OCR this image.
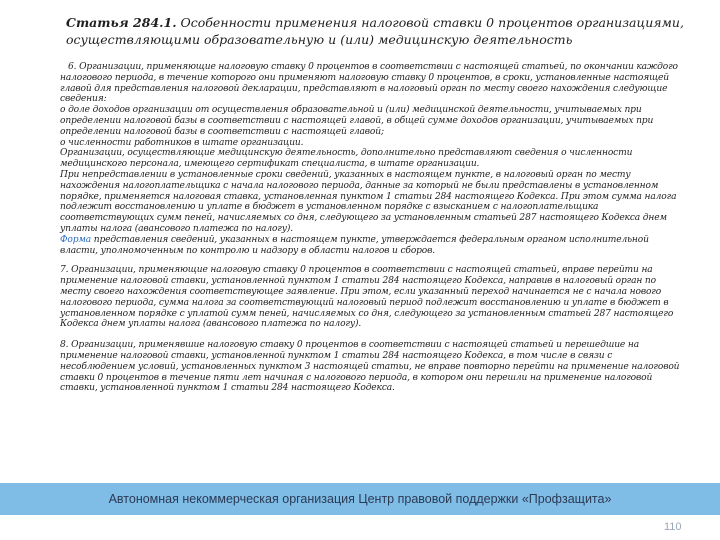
Статья 284.1. Особенности применения налоговой ставки 0 процентов организациями,
осуществляющими образовательную и (или) медицинскую деятельность

6. Организации, применяющие налоговую ставку 0 процентов в соответствии с настоящей статьей, по окончании каждого налогового периода, в течение которого они применяют налоговую ставку 0 процентов, в сроки, установленные настоящей главой для представления налоговой декларации, представляют в налоговый орган по месту своего нахождения следующие сведения:

о доле доходов организации от осуществления образовательной и (или) медицинской деятельности, учитываемых при определении налоговой базы в соответствии с настоящей главой, в общей сумме доходов организации, учитываемых при определении налоговой базы в соответствии с настоящей главой;

о численности работников в штате организации.

Организации, осуществляющие медицинскую деятельность, дополнительно представляют сведения о численности медицинского персонала, имеющего сертификат специалиста, в штате организации.

При непредставлении в установленные сроки сведений, указанных в настоящем пункте, в налоговый орган по месту нахождения налогоплательщика с начала налогового периода, данные за который не были представлены в установленном порядке, применяется налоговая ставка, установленная пунктом 1 статьи 284 настоящего Кодекса. При этом сумма налога подлежит восстановлению и уплате в бюджет в установленном порядке с взысканием с налогоплательщика соответствующих сумм пеней, начисляемых со дня, следующего за установленным статьей 287 настоящего Кодекса днем уплаты налога (авансового платежа по налогу).

Форма представления сведений, указанных в настоящем пункте, утверждается федеральным органом исполнительной власти, уполномоченным по контролю и надзору в области налогов и сборов.

7. Организации, применяющие налоговую ставку 0 процентов в соответствии с настоящей статьей, вправе перейти на применение налоговой ставки, установленной пунктом 1 статьи 284 настоящего Кодекса, направив в налоговый орган по месту своего нахождения соответствующее заявление. При этом, если указанный переход начинается не с начала нового налогового периода, сумма налога за соответствующий налоговый период подлежит восстановлению и уплате в бюджет в установленном порядке с уплатой сумм пеней, начисляемых со дня, следующего за установленным статьей 287 настоящего Кодекса днем уплаты налога (авансового платежа по налогу).

8. Организации, применявшие налоговую ставку 0 процентов в соответствии с настоящей статьей и перешедшие на применение налоговой ставки, установленной пунктом 1 статьи 284 настоящего Кодекса, в том числе в связи с несоблюдением условий, установленных пунктом 3 настоящей статьи, не вправе повторно перейти на применение налоговой ставки 0 процентов в течение пяти лет начиная с налогового периода, в котором они перешли на применение налоговой ставки, установленной пунктом 1 статьи 284 настоящего Кодекса.

Автономная некоммерческая организация Центр правовой поддержки «Профзащита»
110
